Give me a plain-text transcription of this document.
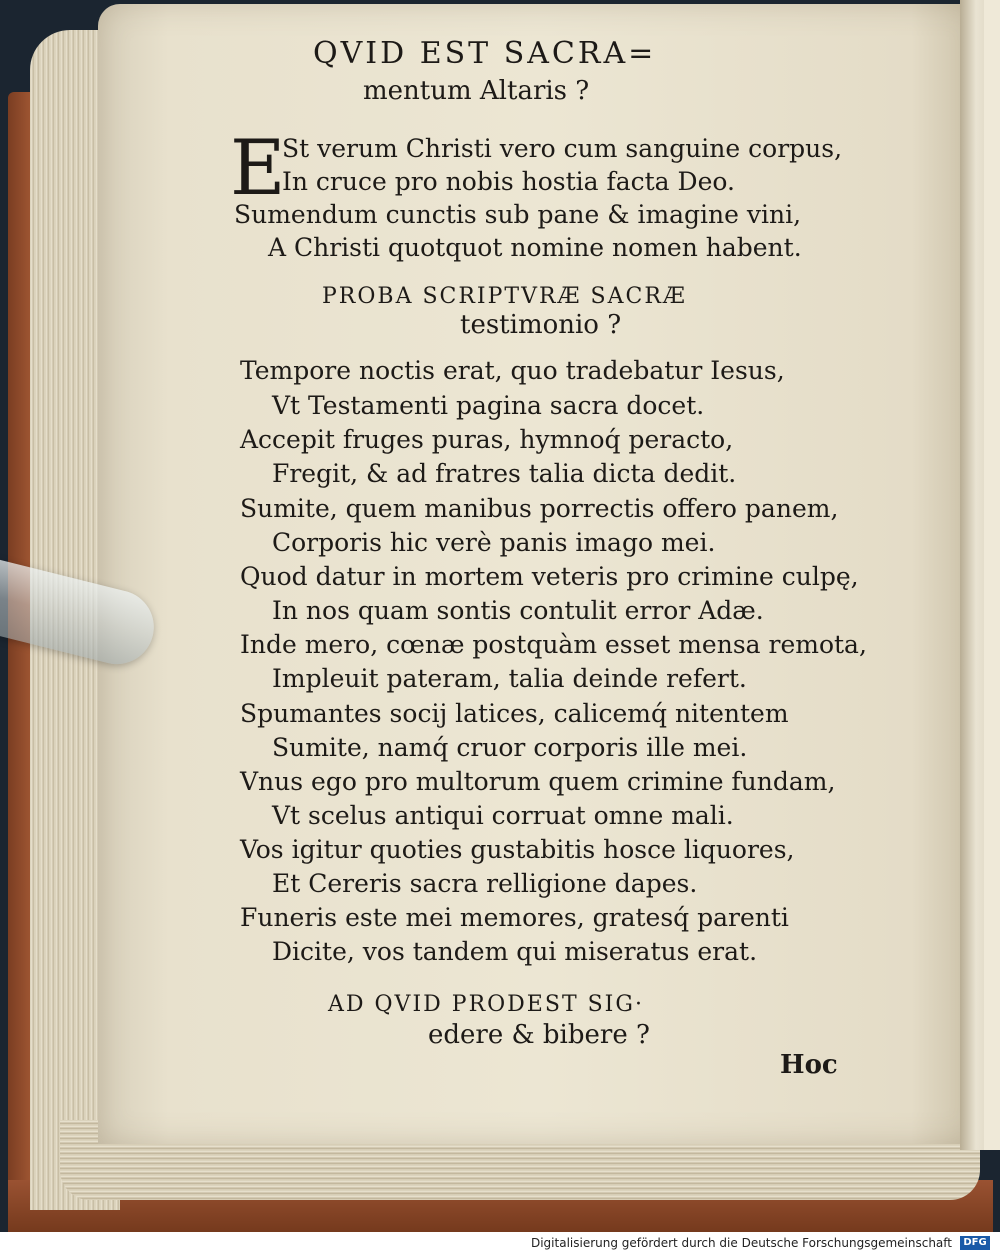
QVID EST SACRA=
mentum Altaris ?
E
St verum Christi vero cum sanguine corpus,
In cruce pro nobis hostia facta Deo.
Sumendum cunctis sub pane & imagine vini,
A Christi quotquot nomine nomen habent.
PROBA SCRIPTVRÆ SACRÆ
testimonio ?
Tempore noctis erat, quo tradebatur Iesus,
Vt Testamenti pagina sacra docet.
Accepit fruges puras, hymnoq́ peracto,
Fregit, & ad fratres talia dicta dedit.
Sumite, quem manibus porrectis offero panem,
Corporis hic verè panis imago mei.
Quod datur in mortem veteris pro crimine culpę,
In nos quam sontis contulit error Adæ.
Inde mero, cœnæ postquàm esset mensa remota,
Impleuit pateram, talia deinde refert.
Spumantes socij latices, calicemq́ nitentem
Sumite, namq́ cruor corporis ille mei.
Vnus ego pro multorum quem crimine fundam,
Vt scelus antiqui corruat omne mali.
Vos igitur quoties gustabitis hosce liquores,
Et Cereris sacra relligione dapes.
Funeris este mei memores, gratesq́ parenti
Dicite, vos tandem qui miseratus erat.
AD QVID PRODEST SIG·
edere & bibere ?
Hoc
Digitalisierung gefördert durch die Deutsche Forschungsgemeinschaft	DFG
